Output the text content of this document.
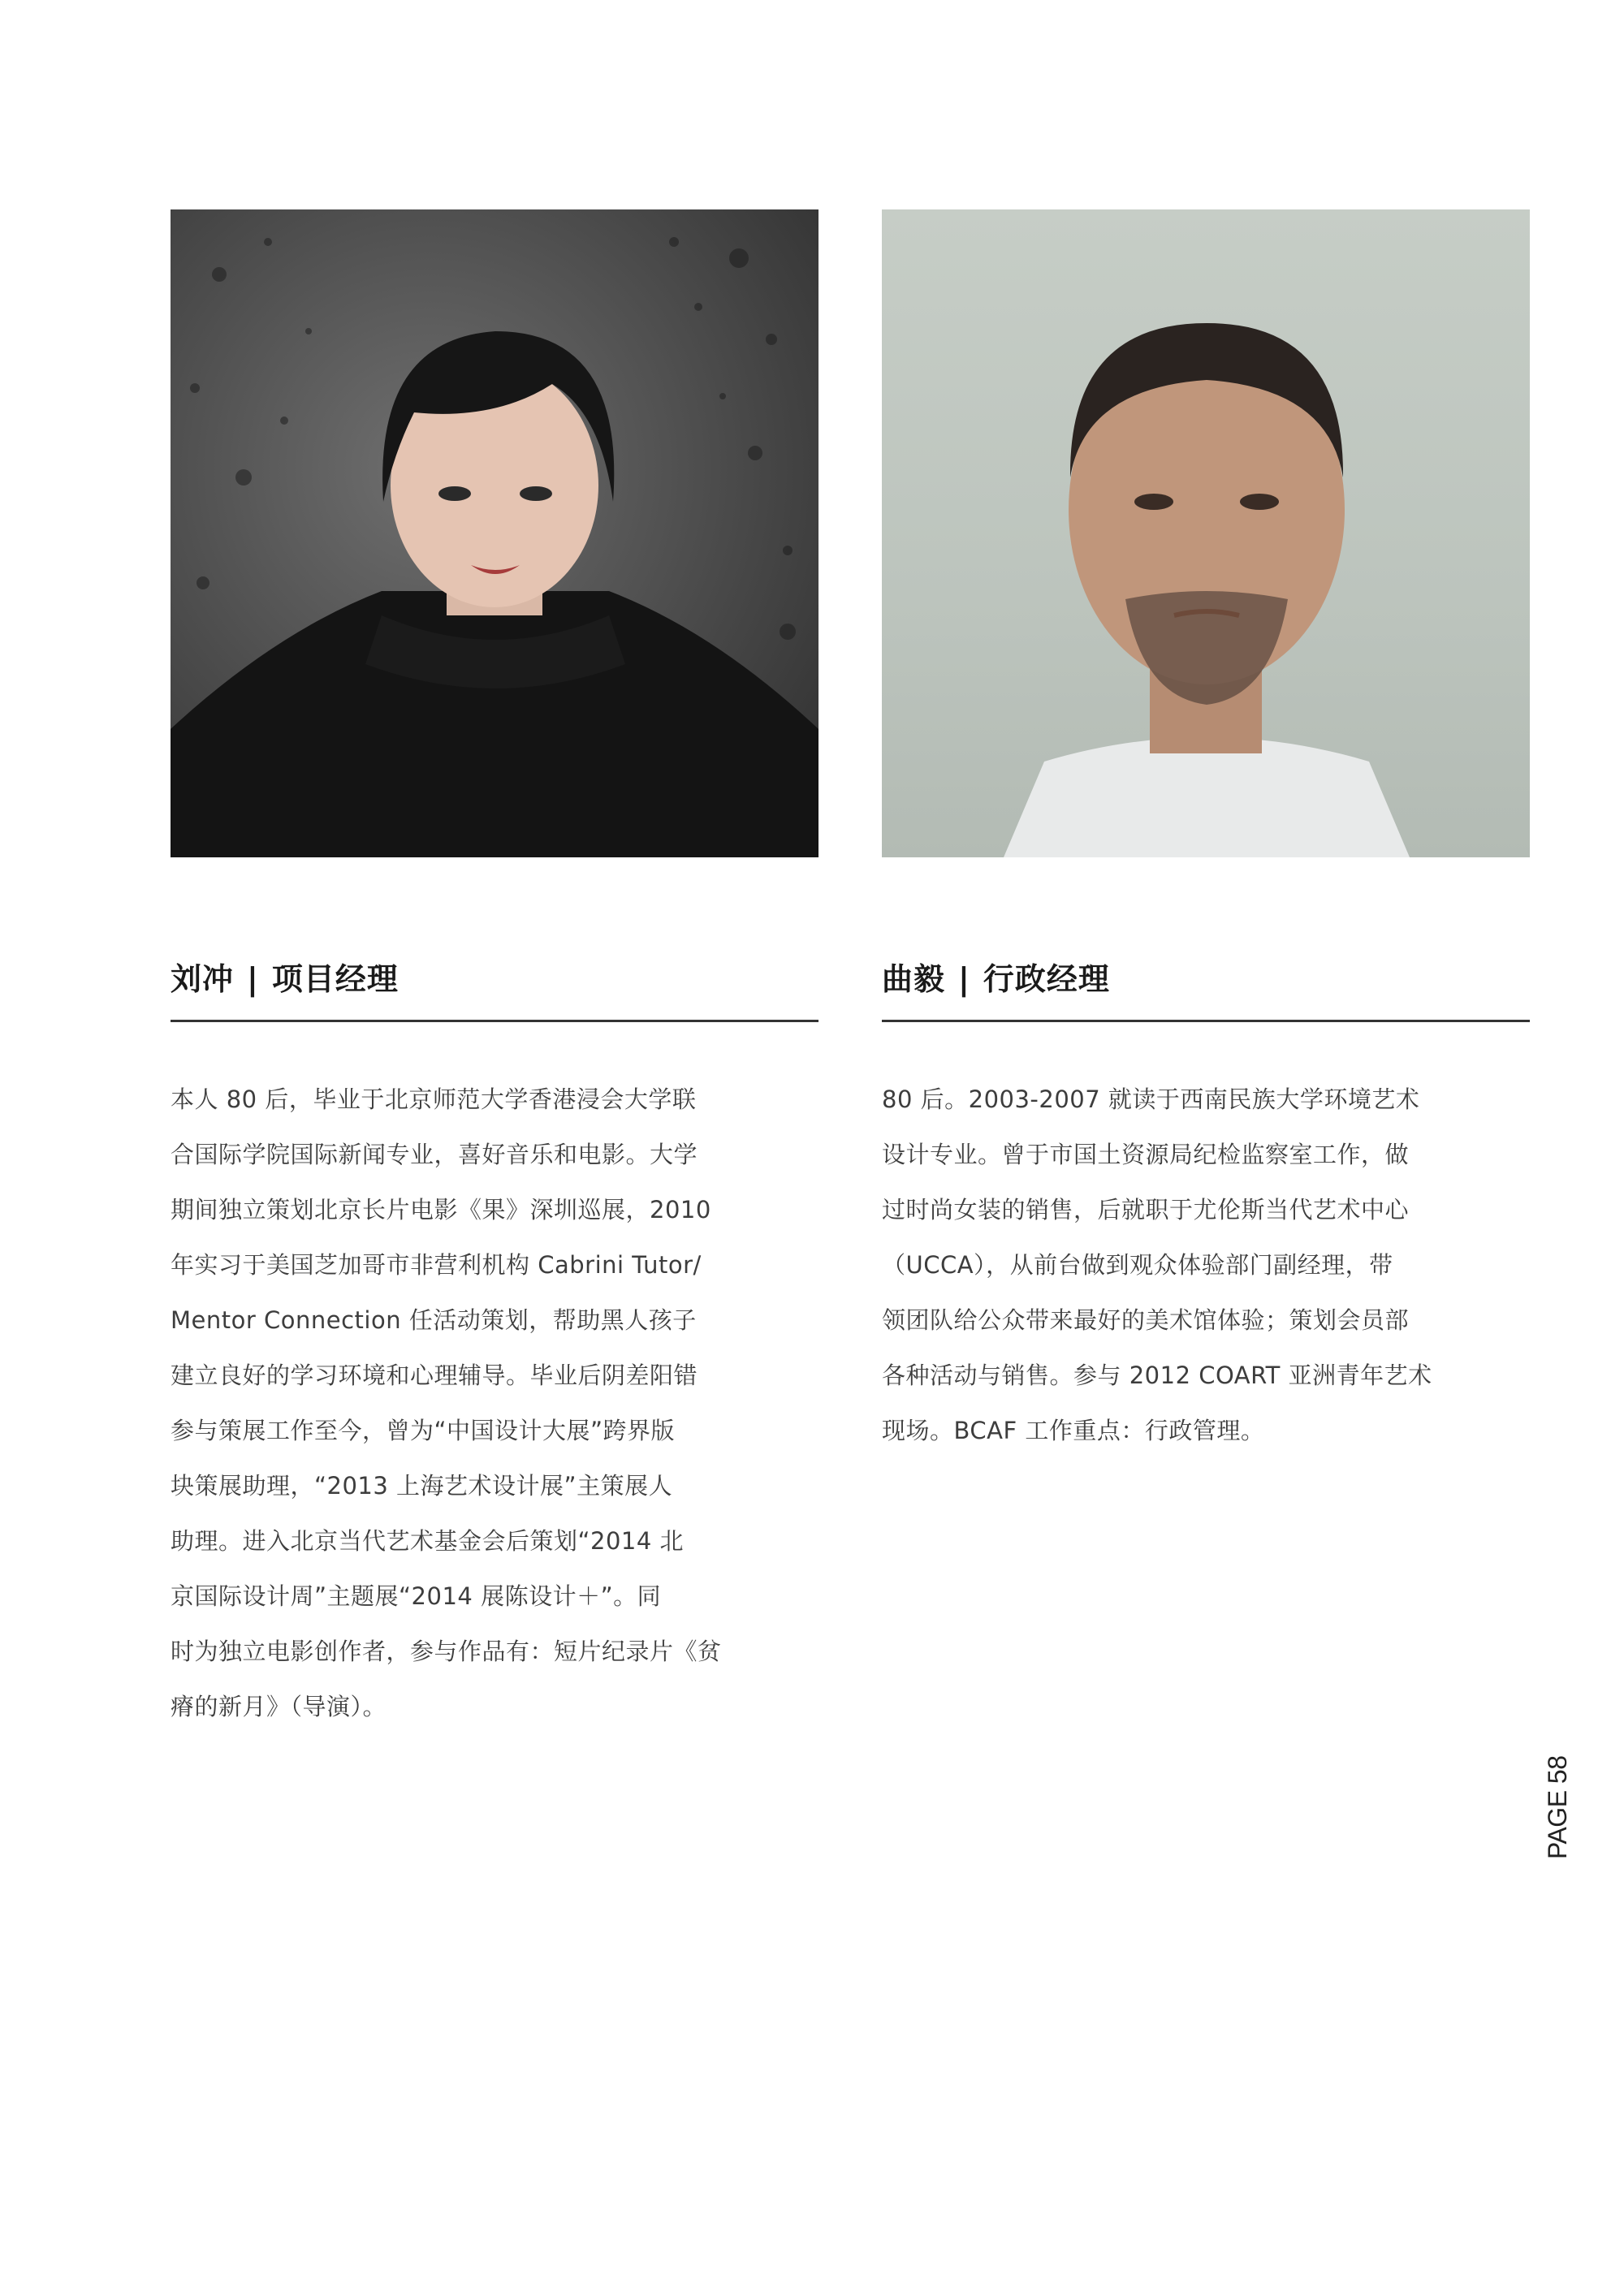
刘冲 | 项目经理	曲毅 | 行政经理
本人 80 后，毕业于北京师范大学香港浸会大学联
合国际学院国际新闻专业，喜好音乐和电影。大学
期间独立策划北京长片电影《果》深圳巡展，2010
年实习于美国芝加哥市非营利机构 Cabrini Tutor/
Mentor Connection 任活动策划，帮助黑人孩子
建立良好的学习环境和心理辅导。毕业后阴差阳错
参与策展工作至今，曾为“中国设计大展”跨界版
块策展助理，“2013 上海艺术设计展”主策展人
助理。进入北京当代艺术基金会后策划“2014 北
京国际设计周”主题展“2014 展陈设计＋”。同
时为独立电影创作者，参与作品有：短片纪录片《贫
瘠的新月》（导演）。
80 后。2003-2007 就读于西南民族大学环境艺术
设计专业。曾于市国土资源局纪检监察室工作，做
过时尚女装的销售，后就职于尤伦斯当代艺术中心
（UCCA），从前台做到观众体验部门副经理，带
领团队给公众带来最好的美术馆体验；策划会员部
各种活动与销售。参与 2012 COART 亚洲青年艺术
现场。BCAF 工作重点：行政管理。
PAGE 58
